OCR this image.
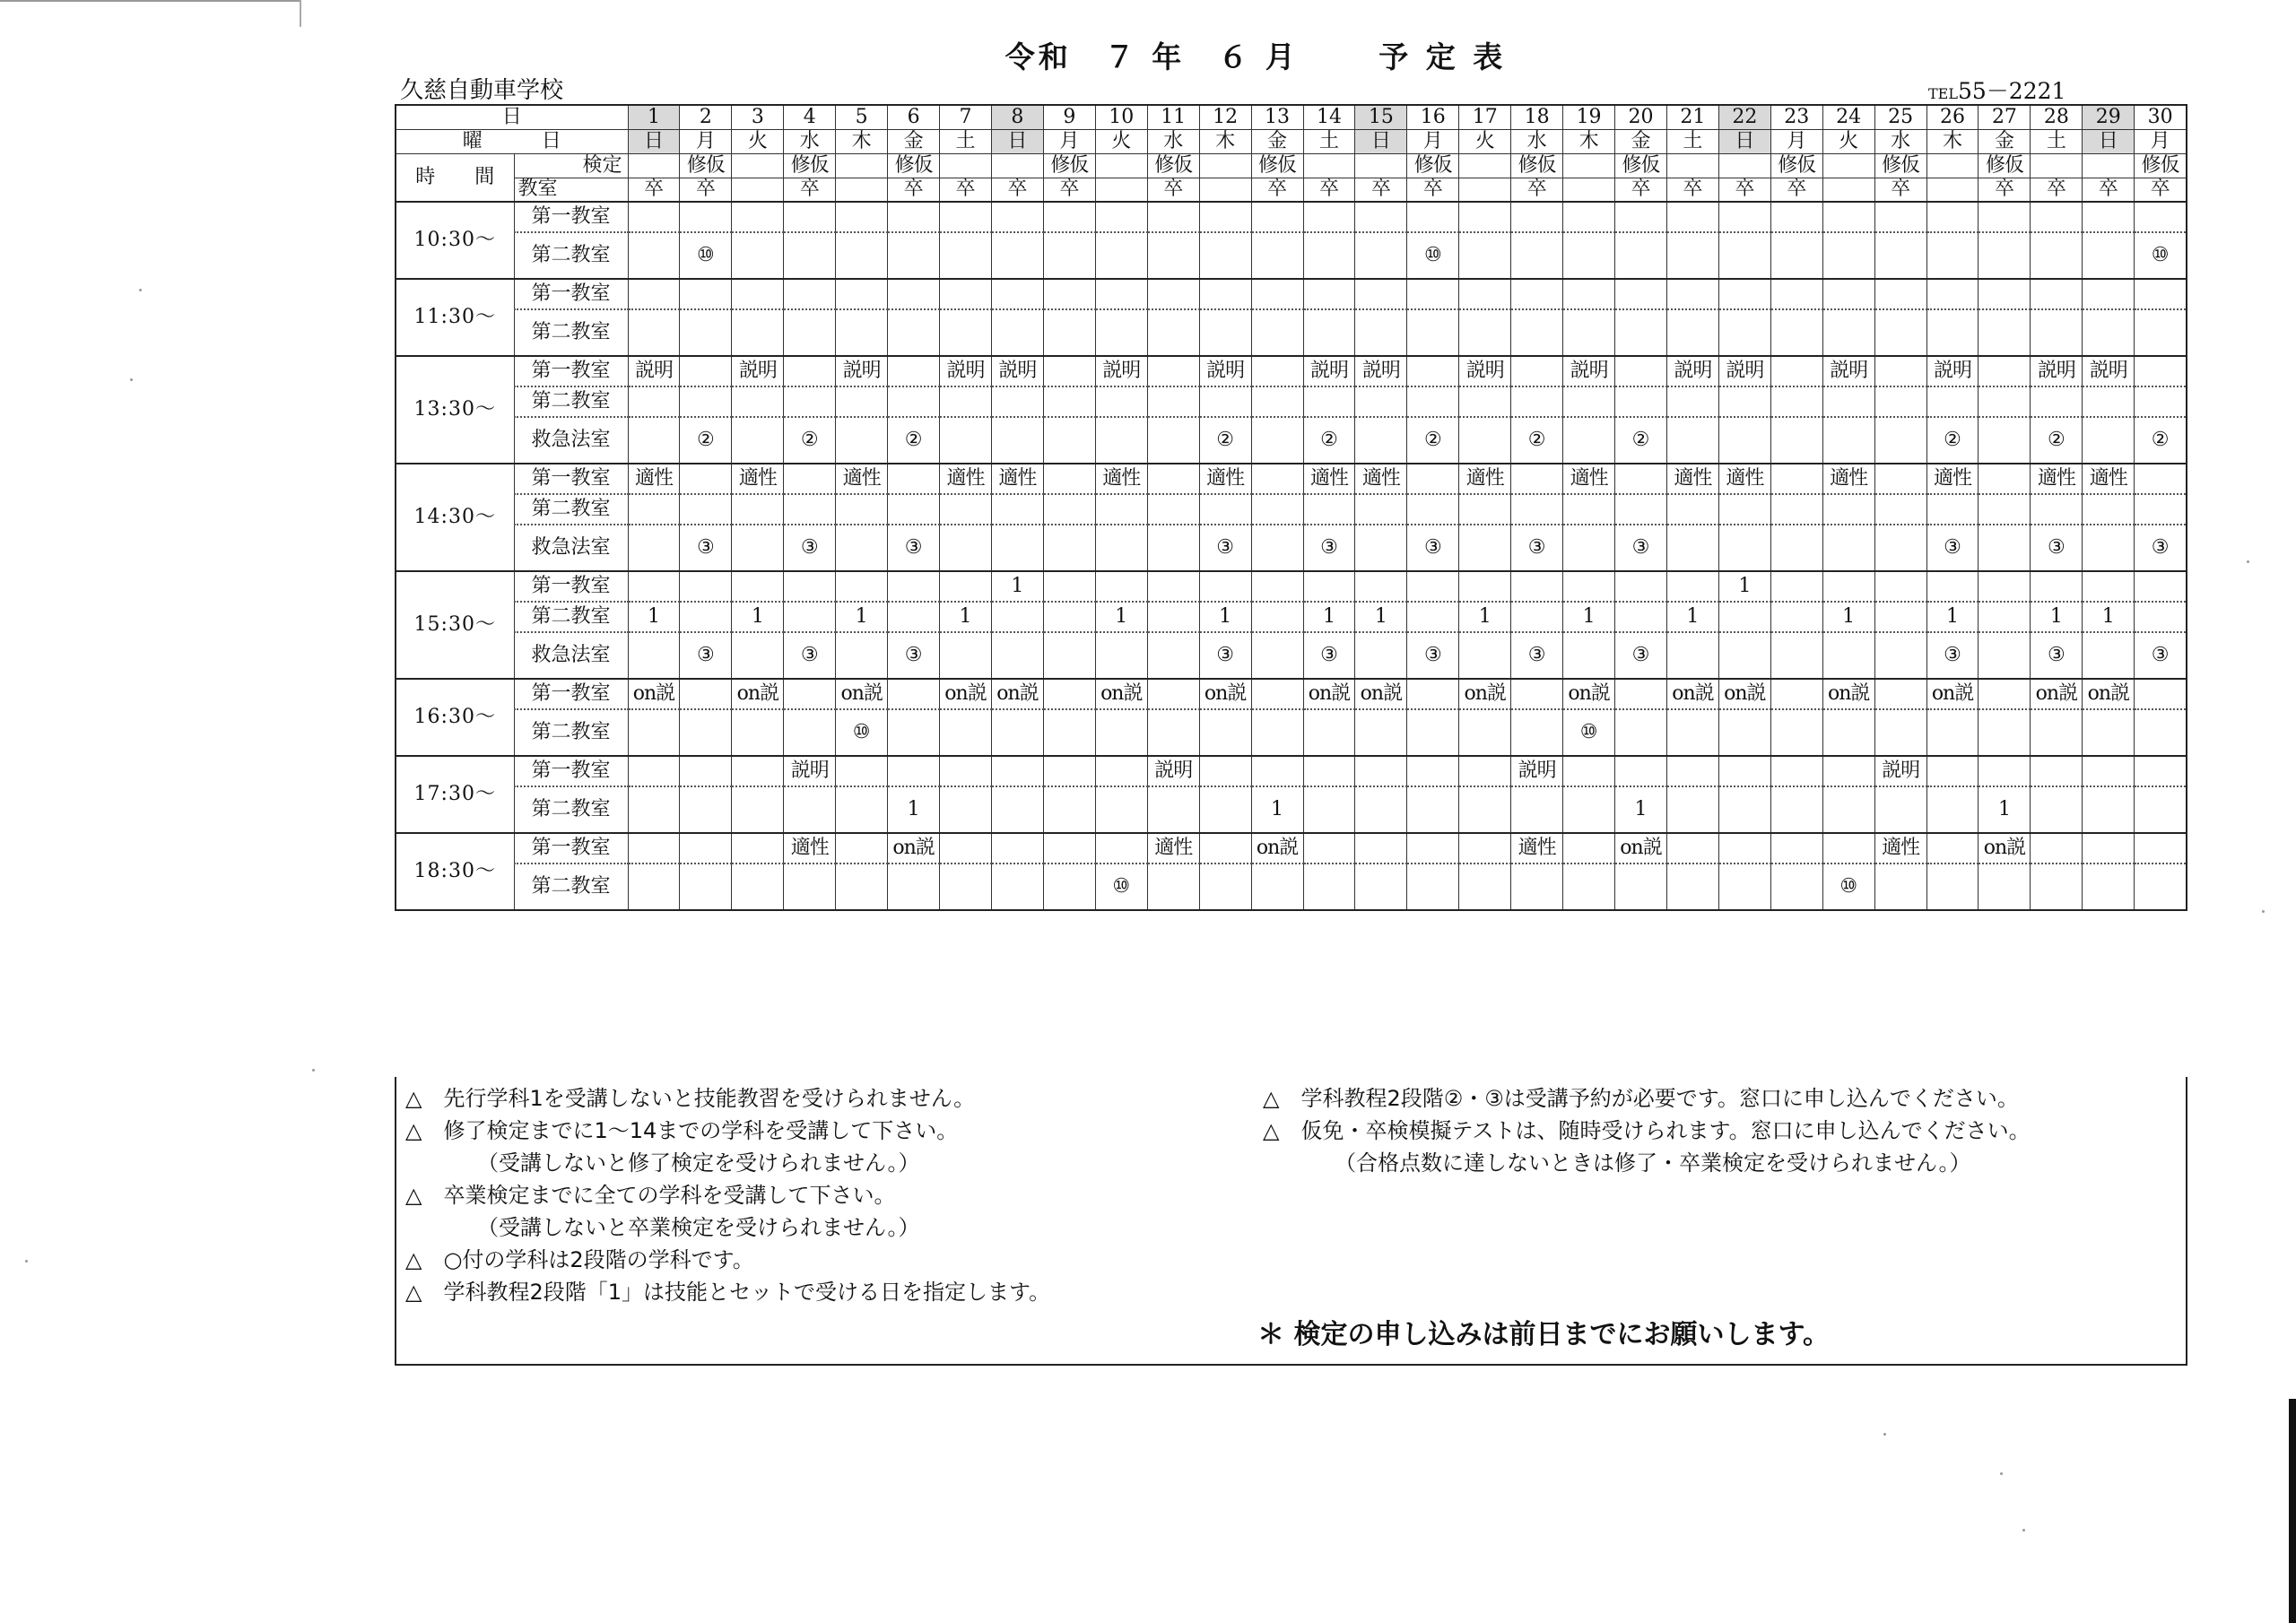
令和　７ 年　６ 月　　 予 定 表
久慈自動車学校	TEL55－2221
日		1	2	3	4	5	6	7	8	9	10	11	12	13	14	15	16	17	18	19	20	21	22	23	24	25	26	27	28	29	30
曜　　　日		日	月	火	水	木	金	土	日	月	火	水	木	金	土	日	月	火	水	木	金	土	日	月	火	水	木	金	土	日	月
時　　間	検定		修仮		修仮		修仮			修仮		修仮		修仮			修仮		修仮		修仮			修仮		修仮		修仮			修仮
	教室	卒	卒		卒		卒	卒	卒	卒		卒		卒	卒	卒	卒		卒		卒	卒	卒	卒		卒		卒	卒	卒	卒
10:30～	第一教室																														
	第二教室		⑩														⑩														⑩
11:30～	第一教室																														
	第二教室																														
13:30～	第一教室	説明		説明		説明		説明	説明		説明		説明		説明	説明		説明		説明		説明	説明		説明		説明		説明	説明	
	第二教室																														
	救急法室		②		②		②						②		②		②		②		②						②		②		②
14:30～	第一教室	適性		適性		適性		適性	適性		適性		適性		適性	適性		適性		適性		適性	適性		適性		適性		適性	適性	
	第二教室																														
	救急法室		③		③		③						③		③		③		③		③						③		③		③
15:30～	第一教室								1														1								
	第二教室	1		1		1		1			1		1		1	1		1		1		1			1		1		1	1	
	救急法室		③		③		③						③		③		③		③		③						③		③		③
16:30～	第一教室	on説		on説		on説		on説	on説		on説		on説		on説	on説		on説		on説		on説	on説		on説		on説		on説	on説	
	第二教室					⑩														⑩											
17:30～	第一教室				説明							説明							説明							説明					
	第二教室						1							1							1							1			
18:30～	第一教室				適性		on説					適性		on説					適性		on説					適性		on説			
	第二教室										⑩														⑩						
△　先行学科1を受講しないと技能教習を受けられません。
△　修了検定までに1～14までの学科を受講して下さい。
（受講しないと修了検定を受けられません。）
△　卒業検定までに全ての学科を受講して下さい。
（受講しないと卒業検定を受けられません。）
△　○付の学科は2段階の学科です。
△　学科教程2段階「1」は技能とセットで受ける日を指定します。
△　学科教程2段階②・③は受講予約が必要です。窓口に申し込んでください。
△　仮免・卒検模擬テストは、随時受けられます。窓口に申し込んでください。
（合格点数に達しないときは修了・卒業検定を受けられません。）
＊ 検定の申し込みは前日までにお願いします。
